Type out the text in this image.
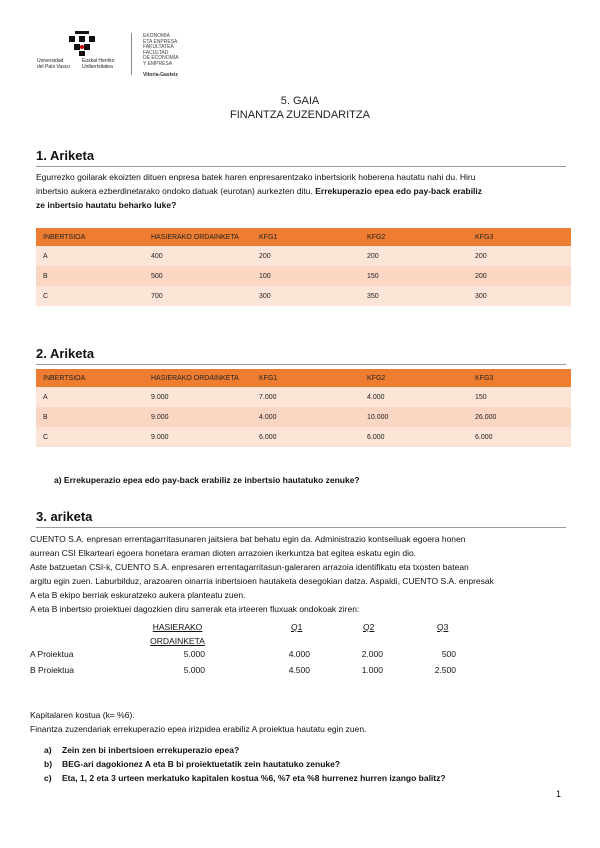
Universidad
del País Vasco
Euskal Herriko
Unibertsitatea
EKONOMIA
ETA ENPRESA
FAKULTATEA
FACULTAD
DE ECONOMÍA
Y EMPRESA
Vitoria-Gasteiz
5. GAIA
FINANTZA ZUZENDARITZA
1. Ariketa
Egurrezko goilarak ekoizten dituen enpresa batek haren enpresarentzako inbertsiorik hoberena hautatu nahi du. Hiru
inbertsio aukera ezberdinetarako ondoko datuak (eurotan) aurkezten ditu. Errekuperazio epea edo pay-back erabiliz
ze inbertsio hautatu beharko luke?
INBERTSIOA	HASIERAKO ORDAINKETA	KFG1	KFG2	KFG3
A	400	200	200	200
B	500	100	150	200
C	700	300	350	300
2. Ariketa
INBERTSIOA	HASIERAKO ORDAINKETA	KFG1	KFG2	KFG3
A	9.000	7.000	4.000	150
B	9.000	4.000	10.000	26.000
C	9.000	6.000	6.000	6.000
a) Errekuperazio epea edo pay-back erabiliz ze inbertsio hautatuko zenuke?
3. ariketa
CUENTO S.A. enpresan errentagarritasunaren jaitsiera bat behatu egin da. Administrazio kontseiluak egoera honen
aurrean CSI Elkarteari egoera honetara eraman dioten arrazoien ikerkuntza bat egitea eskatu egin dio.
Aste batzuetan CSI-k, CUENTO S.A. enpresaren errentagarritasun-galeraren arrazoia identifikatu eta txosten batean
argitu egin zuen. Laburbilduz, arazoaren oinarria inbertsioen hautaketa desegokian datza. Aspaldi, CUENTO S.A. enpresak
A eta B ekipo berriak eskuratzeko aukera planteatu zuen.
A eta B inbertsio proiektuei dagozkien diru sarrerak eta irteeren fluxuak ondokoak ziren:
HASIERAKO
ORDAINKETA
Q1	Q2	Q3
A Proiektua	5.000	4.000	2.000	500
B Proiektua	5.000	4.500	1.000	2.500
Kapitalaren kostua (k= %6).
Finantza zuzendariak errekuperazio epea irizpidea erabiliz A proiektua hautatu egin zuen.
a) Zein zen bi inbertsioen errekuperazio epea?
b) BEG-ari dagokionez A eta B bi proiektuetatik zein hautatuko zenuke?
c) Eta, 1, 2 eta 3 urteen merkatuko kapitalen kostua %6, %7 eta %8 hurrenez hurren izango balitz?
1
